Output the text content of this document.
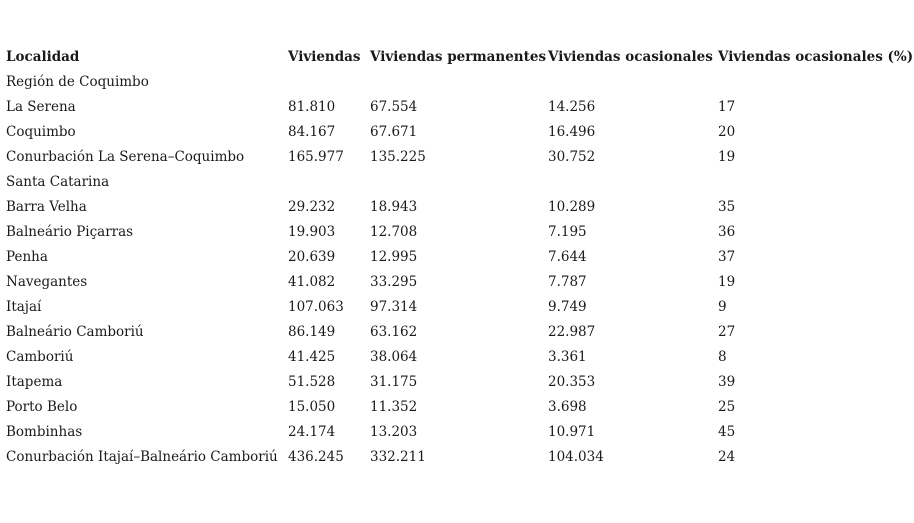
Localidad	Viviendas	Viviendas permanentes	Viviendas ocasionales	Viviendas ocasionales (%)
Región de Coquimbo				
La Serena	81.810	67.554	14.256	17
Coquimbo	84.167	67.671	16.496	20
Conurbación La Serena–Coquimbo	165.977	135.225	30.752	19
Santa Catarina				
Barra Velha	29.232	18.943	10.289	35
Balneário Piçarras	19.903	12.708	7.195	36
Penha	20.639	12.995	7.644	37
Navegantes	41.082	33.295	7.787	19
Itajaí	107.063	97.314	9.749	9
Balneário Camboriú	86.149	63.162	22.987	27
Camboriú	41.425	38.064	3.361	8
Itapema	51.528	31.175	20.353	39
Porto Belo	15.050	11.352	3.698	25
Bombinhas	24.174	13.203	10.971	45
Conurbación Itajaí–Balneário Camboriú	436.245	332.211	104.034	24
